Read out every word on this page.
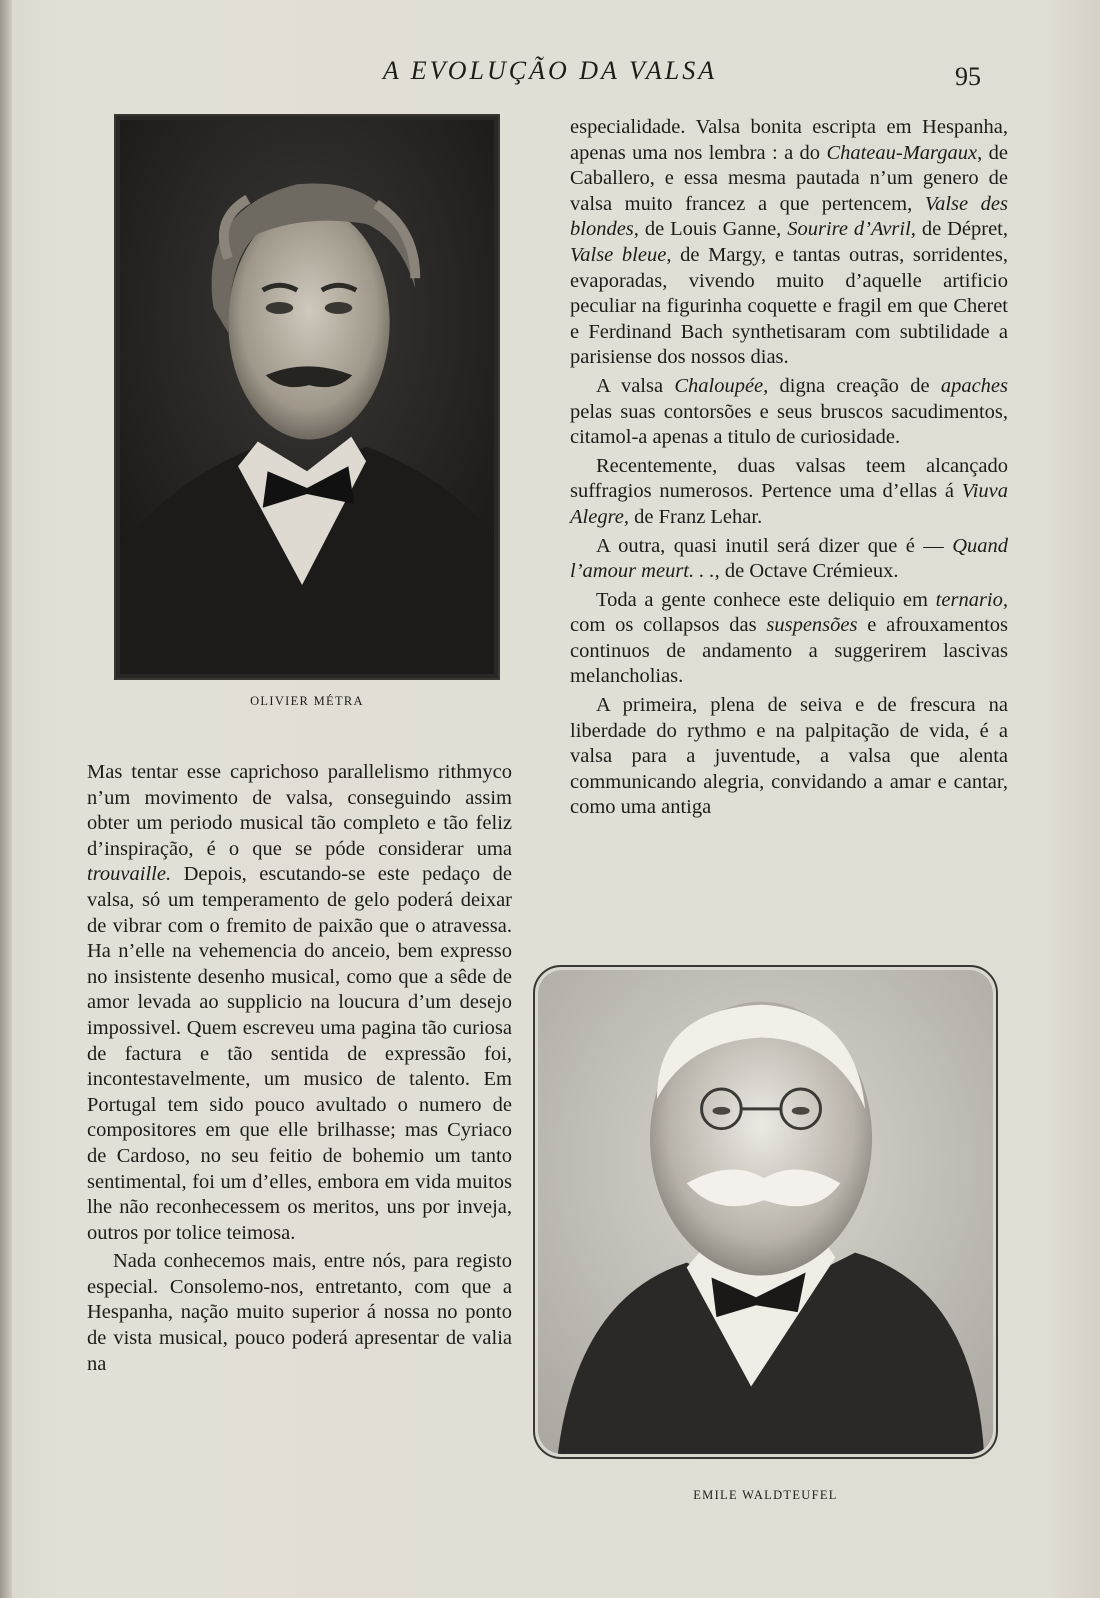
A EVOLUÇÃO DA VALSA	95
OLIVIER MÉTRA
EMILE WALDTEUFEL

especialidade. Valsa bonita escripta em Hespanha, apenas uma nos lembra : a do Chateau-Margaux, de Caballero, e essa mesma pautada n’um genero de valsa muito francez a que pertencem, Valse des blondes, de Louis Ganne, Sourire d’Avril, de Dépret, Valse bleue, de Margy, e tantas outras, sorridentes, evaporadas, vivendo muito d’aquelle artificio peculiar na figurinha coquette e fragil em que Cheret e Ferdinand Bach synthetisaram com subtilidade a parisiense dos nossos dias.

A valsa Chaloupée, digna creação de apaches pelas suas contorsões e seus bruscos sacudimentos, citamol-a apenas a titulo de curiosidade.

Recentemente, duas valsas teem alcançado suffragios numerosos. Pertence uma d’ellas á Viuva Alegre, de Franz Lehar.

A outra, quasi inutil será dizer que é — Quand l’amour meurt. . ., de Octave Crémieux.

Toda a gente conhece este deliquio em ternario, com os collapsos das suspensões e afrouxamentos continuos de andamento a suggerirem lascivas melancholias.

A primeira, plena de seiva e de frescura na liberdade do rythmo e na palpitação de vida, é a valsa para a juventude, a valsa que alenta communicando alegria, convidando a amar e cantar, como uma antiga

Mas tentar esse caprichoso parallelismo rithmyco n’um movimento de valsa, conseguindo assim obter um periodo musical tão completo e tão feliz d’inspiração, é o que se póde considerar uma trouvaille. Depois, escutando-se este pedaço de valsa, só um temperamento de gelo poderá deixar de vibrar com o fremito de paixão que o atravessa. Ha n’elle na vehemencia do anceio, bem expresso no insistente desenho musical, como que a sêde de amor levada ao supplicio na loucura d’um desejo impossivel. Quem escreveu uma pagina tão curiosa de factura e tão sentida de expressão foi, incontestavelmente, um musico de talento. Em Portugal tem sido pouco avultado o numero de compositores em que elle brilhasse; mas Cyriaco de Cardoso, no seu feitio de bohemio um tanto sentimental, foi um d’elles, embora em vida muitos lhe não reconhecessem os meritos, uns por inveja, outros por tolice teimosa.

Nada conhecemos mais, entre nós, para registo especial. Consolemo-nos, entretanto, com que a Hespanha, nação muito superior á nossa no ponto de vista musical, pouco poderá apresentar de valia na
